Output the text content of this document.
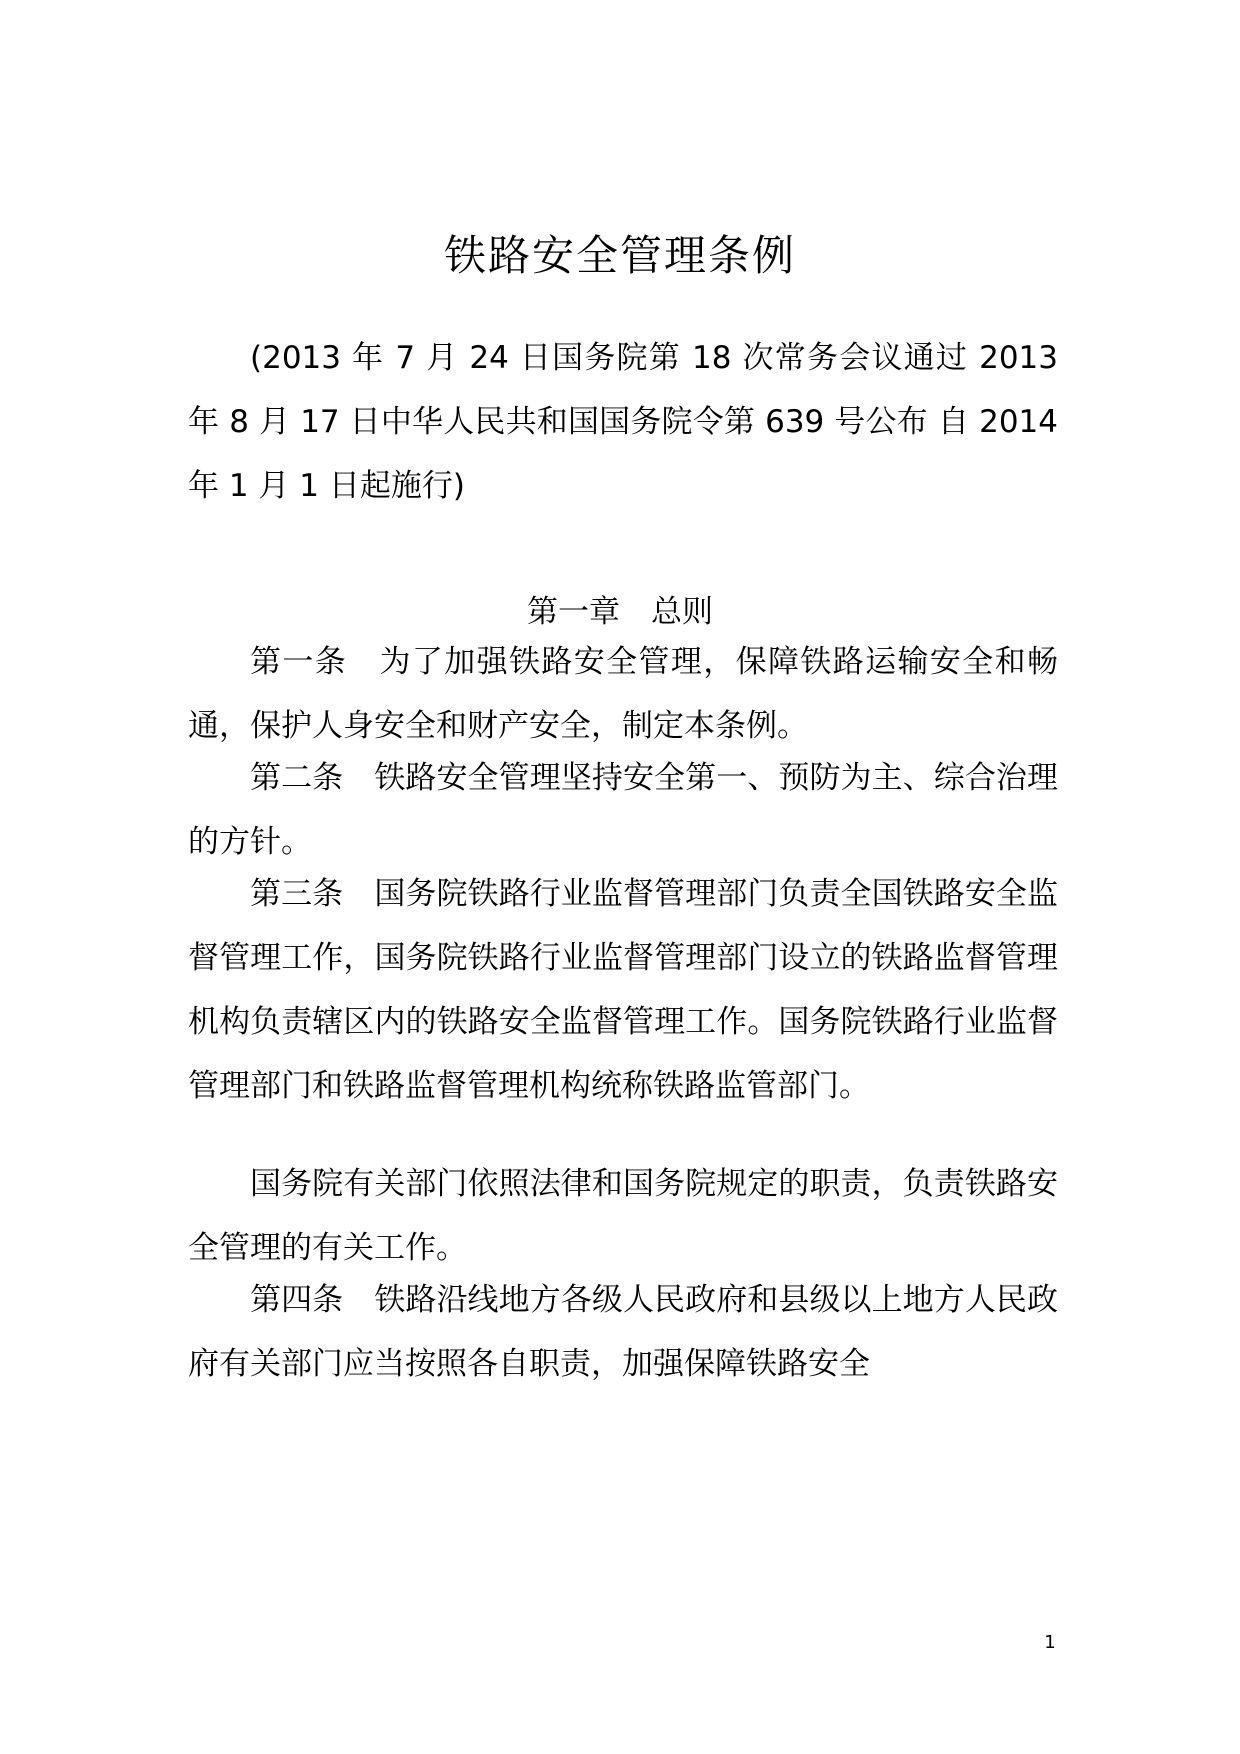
铁路安全管理条例
(2013 年 7 月 24 日国务院第 18 次常务会议通过 2013 年 8 月 17 日中华人民共和国国务院令第 639 号公布 自 2014 年 1 月 1 日起施行)
第一章　总则
第一条　为了加强铁路安全管理，保障铁路运输安全和畅通，保护人身安全和财产安全，制定本条例。
第二条　铁路安全管理坚持安全第一、预防为主、综合治理的方针。
第三条　国务院铁路行业监督管理部门负责全国铁路安全监督管理工作，国务院铁路行业监督管理部门设立的铁路监督管理机构负责辖区内的铁路安全监督管理工作。国务院铁路行业监督管理部门和铁路监督管理机构统称铁路监管部门。
国务院有关部门依照法律和国务院规定的职责，负责铁路安全管理的有关工作。
第四条　铁路沿线地方各级人民政府和县级以上地方人民政府有关部门应当按照各自职责，加强保障铁路安全
1
